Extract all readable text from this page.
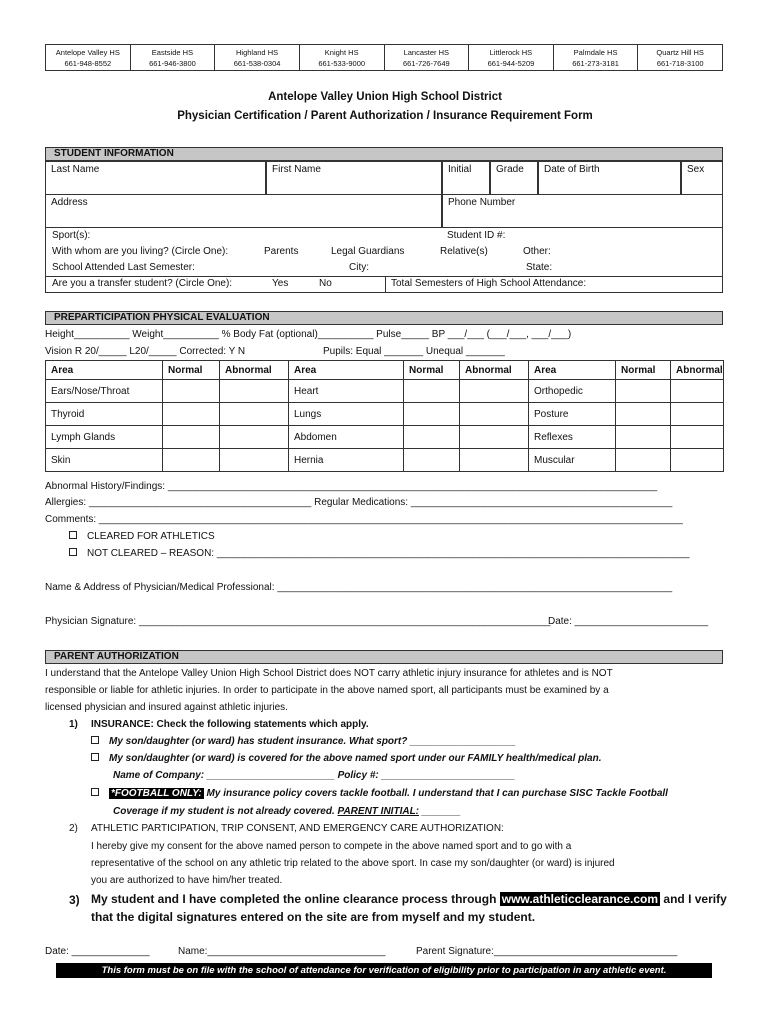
Antelope Valley HS
661-948-8552

Eastside HS
661-946-3800

Highland HS
661-538-0304

Knight HS
661-533-9000

Lancaster HS
661-726-7649

Littlerock HS
661-944-5209

Palmdale HS
661-273-3181

Quartz Hill HS
661-718-3100
Antelope Valley Union High School District
Physician Certification / Parent Authorization / Insurance Requirement Form
STUDENT INFORMATION
Last Name	First Name	Initial	Grade	Date of Birth	Sex
Address	Phone Number
Sport(s):	Student ID #:
With whom are you living? (Circle One):	Parents	Legal Guardians	Relative(s)	Other:
School Attended Last Semester:	City:	State:
Are you a transfer student? (Circle One):	Yes	No	Total Semesters of High School Attendance:
PREPARTICIPATION PHYSICAL EVALUATION
Height__________ Weight__________ % Body Fat (optional)__________ Pulse_____ BP ___/___ (___/___, ___/___)
Vision R 20/_____ L20/_____ Corrected: Y N	Pupils: Equal _______ Unequal _______
Area	Normal	Abnormal	Area	Normal	Abnormal	Area	Normal	Abnormal
Ears/Nose/Throat			Heart			Orthopedic		
Thyroid			Lungs			Posture		
Lymph Glands			Abdomen			Reflexes		
Skin			Hernia			Muscular		
Abnormal History/Findings: ________________________________________________________________________________________
Allergies: ________________________________________ Regular Medications: _______________________________________________
Comments: _________________________________________________________________________________________________________
CLEARED FOR ATHLETICS
NOT CLEARED – REASON: _____________________________________________________________________________________
Name & Address of Physician/Medical Professional: _______________________________________________________________________
Physician Signature: __________________________________________________________________________
Date: ________________________
PARENT AUTHORIZATION
I understand that the Antelope Valley Union High School District does NOT carry athletic injury insurance for athletes and is NOT
responsible or liable for athletic injuries. In order to participate in the above named sport, all participants must be examined by a
licensed physician and insured against athletic injuries.
1) INSURANCE: Check the following statements which apply.
My son/daughter (or ward) has student insurance. What sport? ___________________
My son/daughter (or ward) is covered for the above named sport under our FAMILY health/medical plan.
Name of Company: _______________________ Policy #: ________________________
*FOOTBALL ONLY: My insurance policy covers tackle football. I understand that I can purchase SISC Tackle Football
Coverage if my student is not already covered. PARENT INITIAL: _______
2) ATHLETIC PARTICIPATION, TRIP CONSENT, AND EMERGENCY CARE AUTHORIZATION:
I hereby give my consent for the above named person to compete in the above named sport and to go with a
representative of the school on any athletic trip related to the above sport. In case my son/daughter (or ward) is injured
you are authorized to have him/her treated.
3) My student and I have completed the online clearance process through www.athleticclearance.com and I verify
that the digital signatures entered on the site are from myself and my student.
Date: ______________	Name:________________________________	Parent Signature:_________________________________
This form must be on file with the school of attendance for verification of eligibility prior to participation in any athletic event.
